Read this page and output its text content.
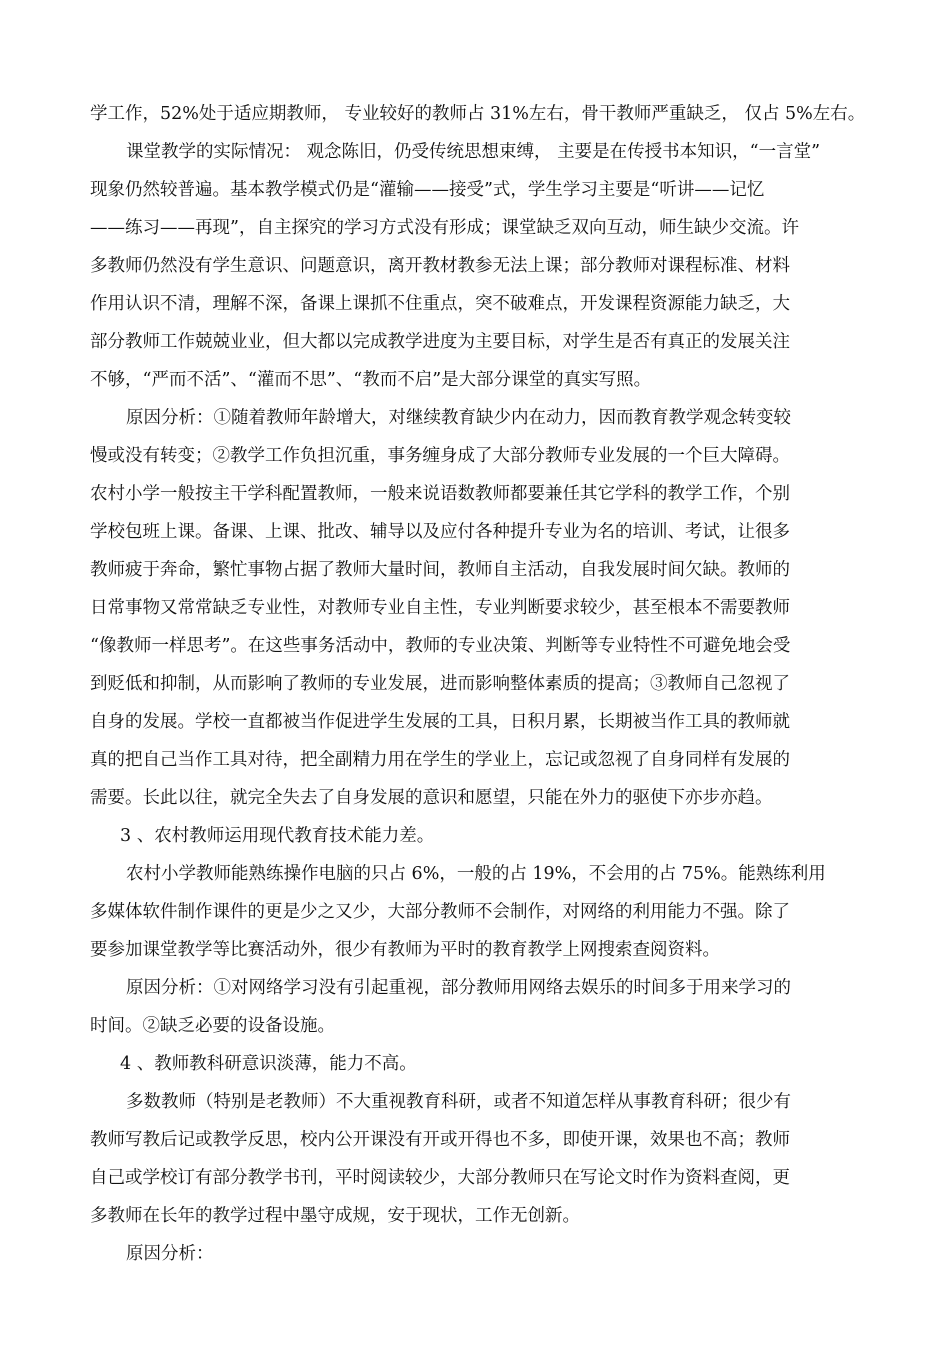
学工作，52%处于适应期教师， 专业较好的教师占 31%左右，骨干教师严重缺乏， 仅占 5%左右。

课堂教学的实际情况： 观念陈旧，仍受传统思想束缚， 主要是在传授书本知识，“一言堂”

现象仍然较普遍。基本教学模式仍是“灌输——接受”式，学生学习主要是“听讲——记忆

——练习——再现”，自主探究的学习方式没有形成；课堂缺乏双向互动，师生缺少交流。许

多教师仍然没有学生意识、问题意识，离开教材教参无法上课；部分教师对课程标准、材料

作用认识不清，理解不深，备课上课抓不住重点，突不破难点，开发课程资源能力缺乏，大

部分教师工作兢兢业业，但大都以完成教学进度为主要目标，对学生是否有真正的发展关注

不够，“严而不活”、“灌而不思”、“教而不启”是大部分课堂的真实写照。

原因分析：①随着教师年龄增大，对继续教育缺少内在动力，因而教育教学观念转变较

慢或没有转变；②教学工作负担沉重，事务缠身成了大部分教师专业发展的一个巨大障碍。

农村小学一般按主干学科配置教师，一般来说语数教师都要兼任其它学科的教学工作，个别

学校包班上课。备课、上课、批改、辅导以及应付各种提升专业为名的培训、考试，让很多

教师疲于奔命，繁忙事物占据了教师大量时间，教师自主活动，自我发展时间欠缺。教师的

日常事物又常常缺乏专业性，对教师专业自主性，专业判断要求较少，甚至根本不需要教师

“像教师一样思考”。在这些事务活动中，教师的专业决策、判断等专业特性不可避免地会受

到贬低和抑制，从而影响了教师的专业发展，进而影响整体素质的提高；③教师自己忽视了

自身的发展。学校一直都被当作促进学生发展的工具，日积月累，长期被当作工具的教师就

真的把自己当作工具对待，把全副精力用在学生的学业上，忘记或忽视了自身同样有发展的

需要。长此以往，就完全失去了自身发展的意识和愿望，只能在外力的驱使下亦步亦趋。

3 、农村教师运用现代教育技术能力差。

农村小学教师能熟练操作电脑的只占 6%，一般的占 19%，不会用的占 75%。能熟练利用

多媒体软件制作课件的更是少之又少，大部分教师不会制作，对网络的利用能力不强。除了

要参加课堂教学等比赛活动外，很少有教师为平时的教育教学上网搜索查阅资料。

原因分析：①对网络学习没有引起重视，部分教师用网络去娱乐的时间多于用来学习的

时间。②缺乏必要的设备设施。

4 、教师教科研意识淡薄，能力不高。

多数教师（特别是老教师）不大重视教育科研，或者不知道怎样从事教育科研；很少有

教师写教后记或教学反思，校内公开课没有开或开得也不多，即使开课，效果也不高；教师

自己或学校订有部分教学书刊，平时阅读较少，大部分教师只在写论文时作为资料查阅，更

多教师在长年的教学过程中墨守成规，安于现状，工作无创新。

原因分析：
